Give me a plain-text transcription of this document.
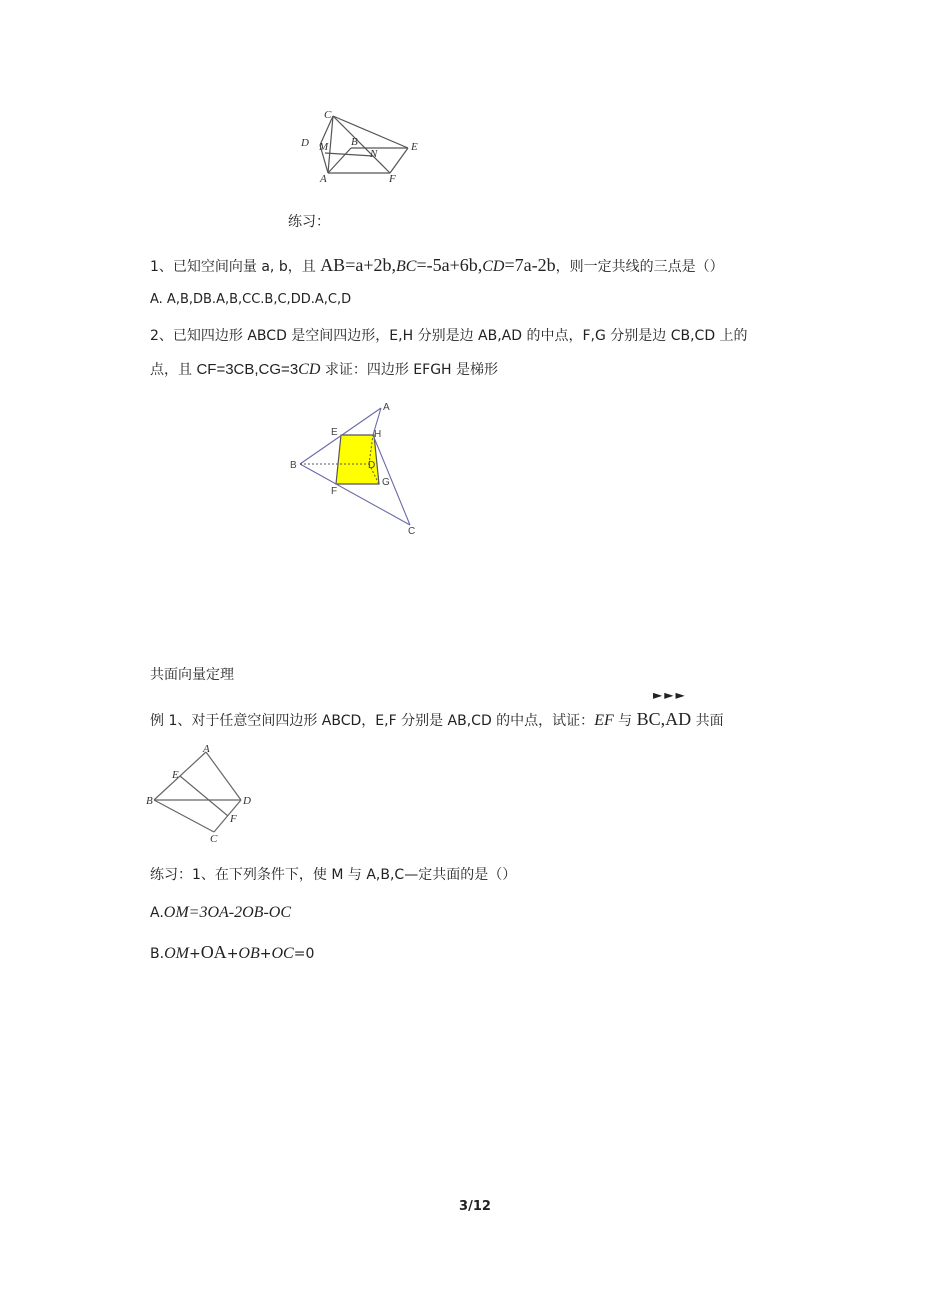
C
D M B
N
E
A	F
练习：
1、已知空间向量 a, b，且 AB=a+2b,BC=-5a+6b,CD=7a-2b，则一定共线的三点是（）
A. A,B,DB.A,B,CC.B,C,DD.A,C,D
2、已知四边形 ABCD 是空间四边形，E,H 分别是边 AB,AD 的中点，F,G 分别是边 CB,CD 上的
点，且 CF=3CB,CG=3CD 求证：四边形 EFGH 是梯形
A
E	H
B	D
F
G
C
共面向量定理
►►►
例 1、对于任意空间四边形 ABCD，E,F 分别是 AB,CD 的中点，试证：EF 与 BC,AD 共面
A
E
B	D
F
C
练习：1、在下列条件下，使 M 与 A,B,C—定共面的是（）
A.OM=3OA-2OB-OC
B.OM+OA+OB+OC=0
3/12
